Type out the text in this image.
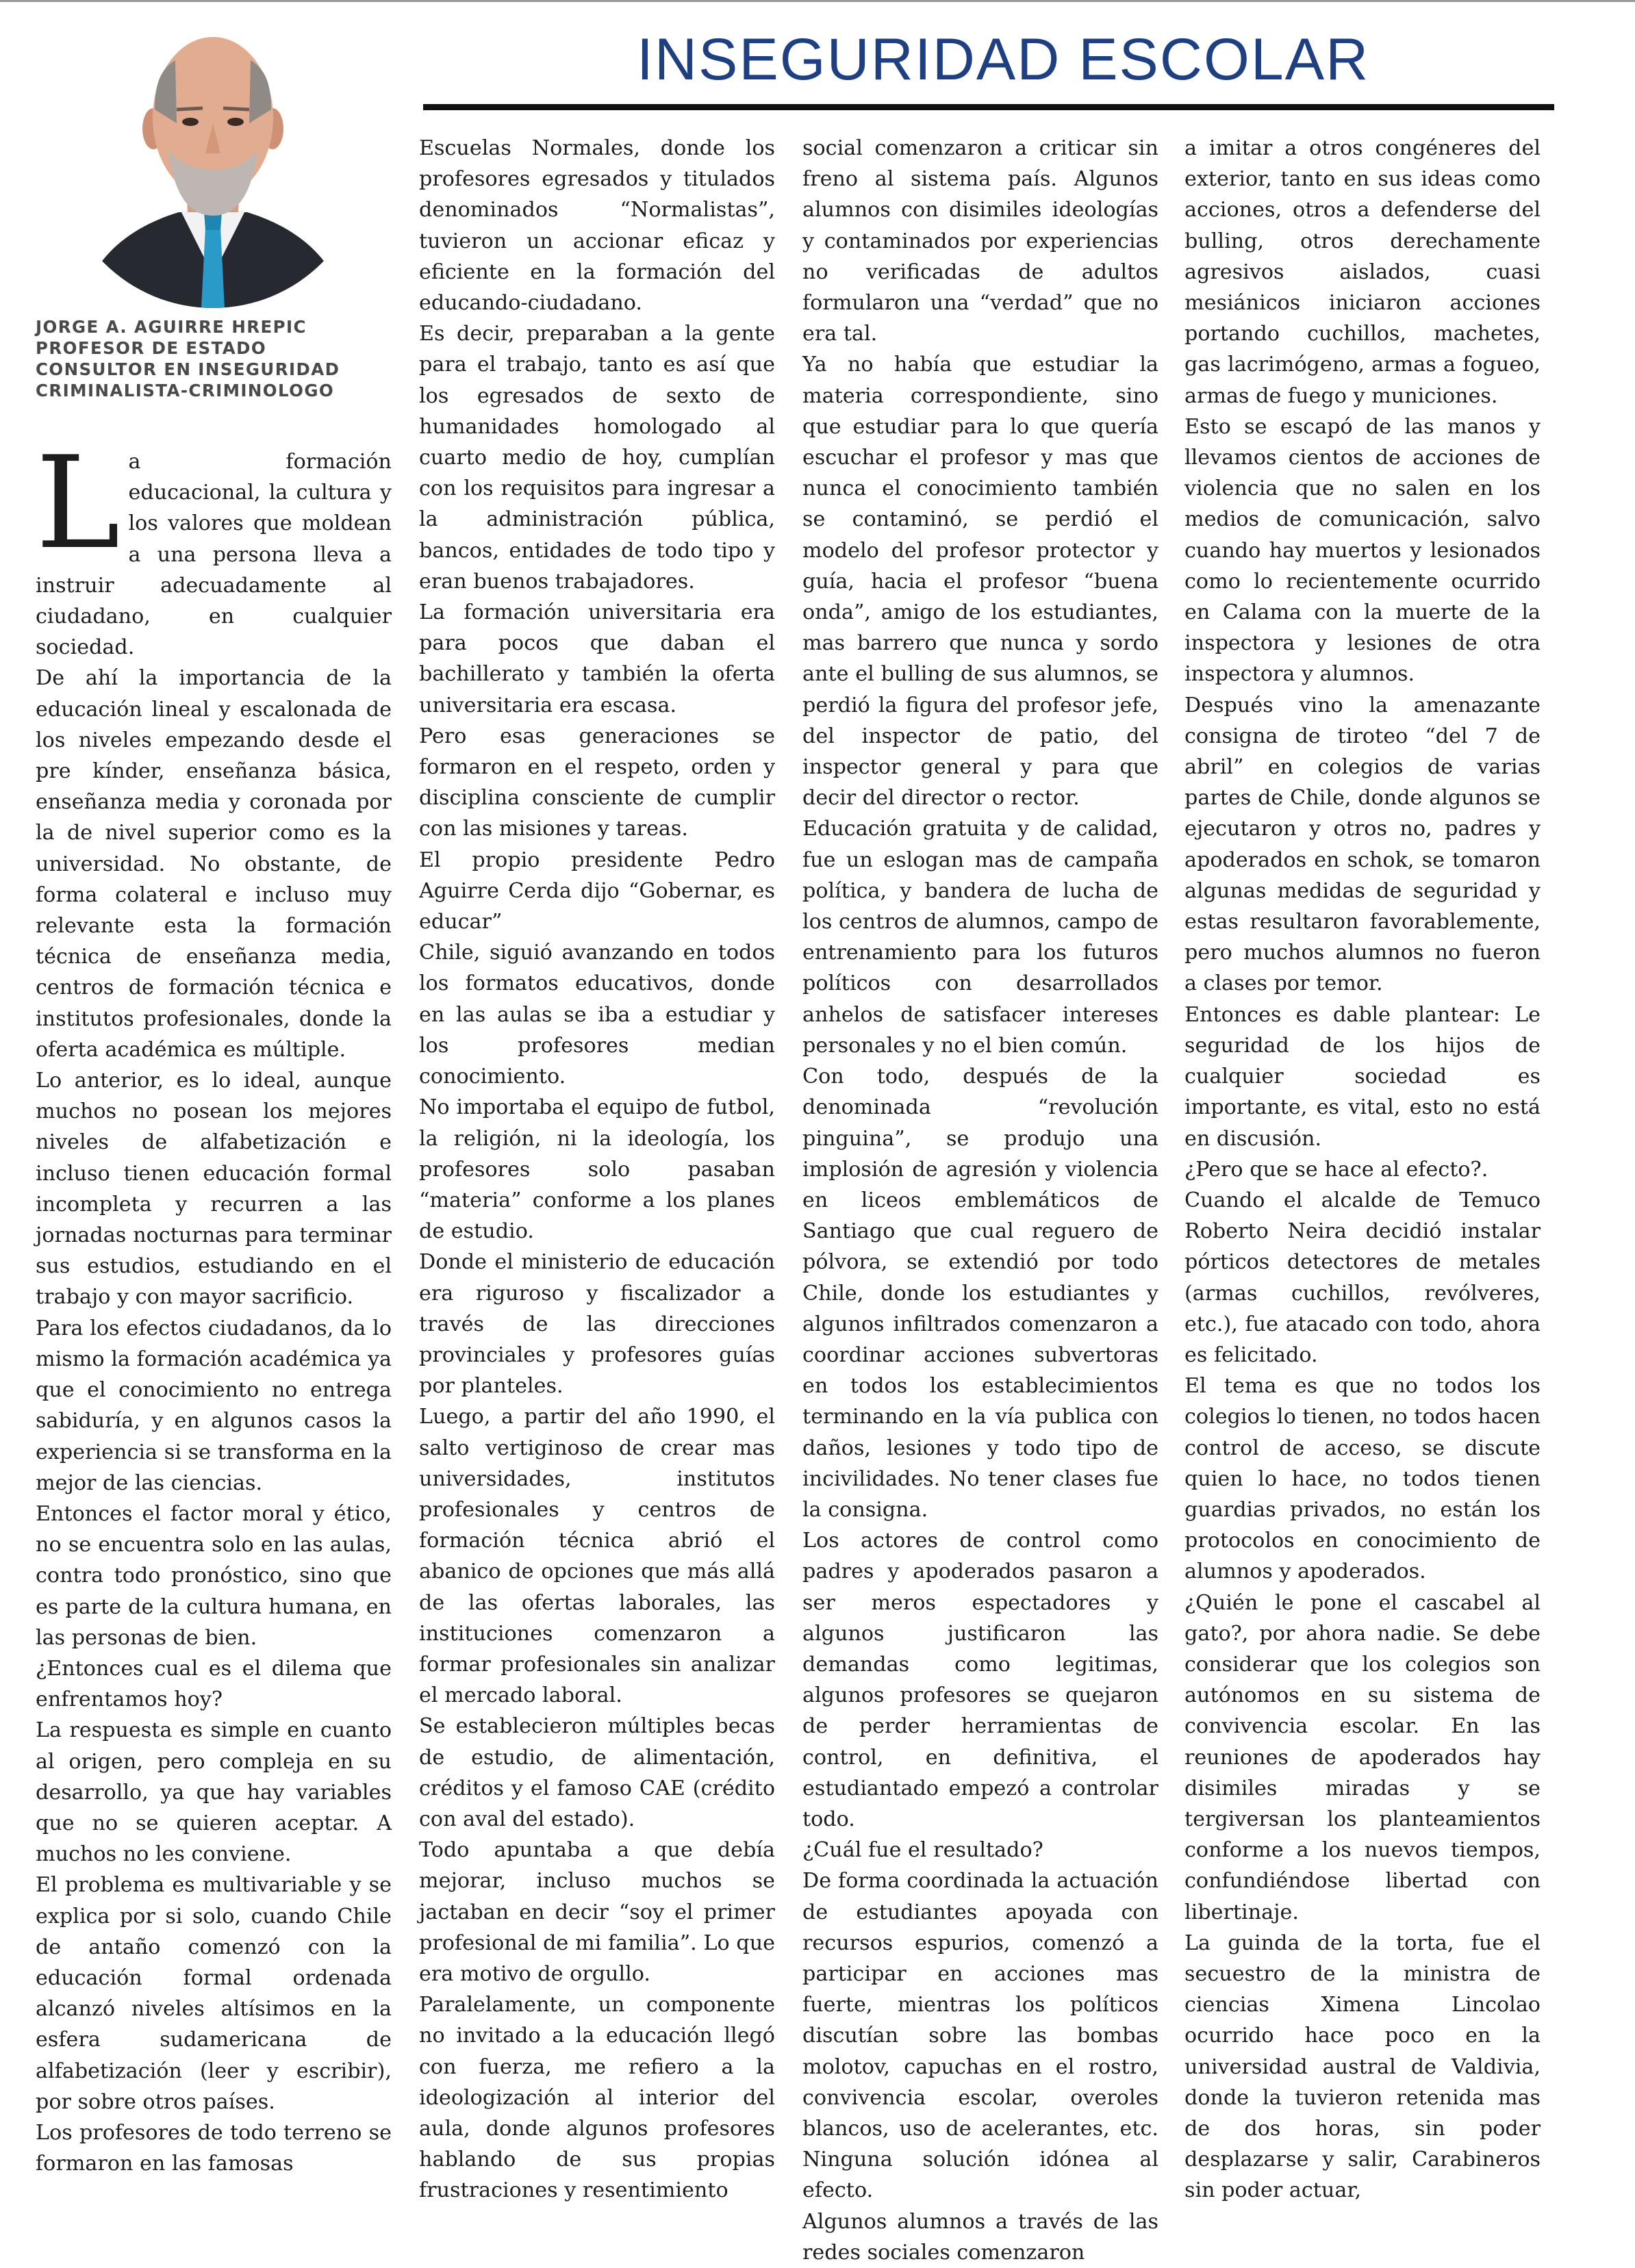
JORGE A. AGUIRRE HREPIC
PROFESOR DE ESTADO
CONSULTOR EN INSEGURIDAD
CRIMINALISTA-CRIMINOLOGO
INSEGURIDAD ESCOLAR

La formación educacional, la cultura y los valores que moldean a una persona lleva a instruir adecuadamente al ciudadano, en cualquier sociedad.

De ahí la importancia de la educación lineal y escalonada de los niveles empezando desde el pre kínder, enseñanza básica, enseñanza media y coronada por la de nivel superior como es la universidad. No obstante, de forma colateral e incluso muy relevante esta la formación técnica de enseñanza media, centros de formación técnica e institutos profesionales, donde la oferta académica es múltiple.

Lo anterior, es lo ideal, aunque muchos no posean los mejores niveles de alfabetización e incluso tienen educación formal incompleta y recurren a las jornadas nocturnas para terminar sus estudios, estudiando en el trabajo y con mayor sacrificio.

Para los efectos ciudadanos, da lo mismo la formación académica ya que el conocimiento no entrega sabiduría, y en algunos casos la experiencia si se transforma en la mejor de las ciencias.

Entonces el factor moral y ético, no se encuentra solo en las aulas, contra todo pronóstico, sino que es parte de la cultura humana, en las personas de bien.

¿Entonces cual es el dilema que enfrentamos hoy?

La respuesta es simple en cuanto al origen, pero compleja en su desarrollo, ya que hay variables que no se quieren aceptar. A muchos no les conviene.

El problema es multivariable y se explica por si solo, cuando Chile de antaño comenzó con la educación formal ordenada alcanzó niveles altísimos en la esfera sudamericana de alfabetización (leer y escribir), por sobre otros países.

Los profesores de todo terreno se formaron en las famosas

Escuelas Normales, donde los profesores egresados y titulados denominados “Normalistas”, tuvieron un accionar eficaz y eficiente en la formación del educando-ciudadano.

Es decir, preparaban a la gente para el trabajo, tanto es así que los egresados de sexto de humanidades homologado al cuarto medio de hoy, cumplían con los requisitos para ingresar a la administración pública, bancos, entidades de todo tipo y eran buenos trabajadores.

La formación universitaria era para pocos que daban el bachillerato y también la oferta universitaria era escasa.

Pero esas generaciones se formaron en el respeto, orden y disciplina consciente de cumplir con las misiones y tareas.

El propio presidente Pedro Aguirre Cerda dijo “Gobernar, es educar”

Chile, siguió avanzando en todos los formatos educativos, donde en las aulas se iba a estudiar y los profesores median conocimiento.

No importaba el equipo de futbol, la religión, ni la ideología, los profesores solo pasaban “materia” conforme a los planes de estudio.

Donde el ministerio de educación era riguroso y fiscalizador a través de las direcciones provinciales y profesores guías por planteles.

Luego, a partir del año 1990, el salto vertiginoso de crear mas universidades, institutos profesionales y centros de formación técnica abrió el abanico de opciones que más allá de las ofertas laborales, las instituciones comenzaron a formar profesionales sin analizar el mercado laboral.

Se establecieron múltiples becas de estudio, de alimentación, créditos y el famoso CAE (crédito con aval del estado).

Todo apuntaba a que debía mejorar, incluso muchos se jactaban en decir “soy el primer profesional de mi familia”. Lo que era motivo de orgullo.

Paralelamente, un componente no invitado a la educación llegó con fuerza, me refiero a la ideologización al interior del aula, donde algunos profesores hablando de sus propias frustraciones y resentimiento

social comenzaron a criticar sin freno al sistema país. Algunos alumnos con disimiles ideologías y contaminados por experiencias no verificadas de adultos formularon una “verdad” que no era tal.

Ya no había que estudiar la materia correspondiente, sino que estudiar para lo que quería escuchar el profesor y mas que nunca el conocimiento también se contaminó, se perdió el modelo del profesor protector y guía, hacia el profesor “buena onda”, amigo de los estudiantes, mas barrero que nunca y sordo ante el bulling de sus alumnos, se perdió la figura del profesor jefe, del inspector de patio, del inspector general y para que decir del director o rector.

Educación gratuita y de calidad, fue un eslogan mas de campaña política, y bandera de lucha de los centros de alumnos, campo de entrenamiento para los futuros políticos con desarrollados anhelos de satisfacer intereses personales y no el bien común.

Con todo, después de la denominada “revolución pinguina”, se produjo una implosión de agresión y violencia en liceos emblemáticos de Santiago que cual reguero de pólvora, se extendió por todo Chile, donde los estudiantes y algunos infiltrados comenzaron a coordinar acciones subvertoras en todos los establecimientos terminando en la vía publica con daños, lesiones y todo tipo de incivilidades. No tener clases fue la consigna.

Los actores de control como padres y apoderados pasaron a ser meros espectadores y algunos justificaron las demandas como legitimas, algunos profesores se quejaron de perder herramientas de control, en definitiva, el estudiantado empezó a controlar todo.

¿Cuál fue el resultado?

De forma coordinada la actuación de estudiantes apoyada con recursos espurios, comenzó a participar en acciones mas fuerte, mientras los políticos discutían sobre las bombas molotov, capuchas en el rostro, convivencia escolar, overoles blancos, uso de acelerantes, etc. Ninguna solución idónea al efecto.

Algunos alumnos a través de las redes sociales comenzaron

a imitar a otros congéneres del exterior, tanto en sus ideas como acciones, otros a defenderse del bulling, otros derechamente agresivos aislados, cuasi mesiánicos iniciaron acciones portando cuchillos, machetes, gas lacrimógeno, armas a fogueo, armas de fuego y municiones.

Esto se escapó de las manos y llevamos cientos de acciones de violencia que no salen en los medios de comunicación, salvo cuando hay muertos y lesionados como lo recientemente ocurrido en Calama con la muerte de la inspectora y lesiones de otra inspectora y alumnos.

Después vino la amenazante consigna de tiroteo “del 7 de abril” en colegios de varias partes de Chile, donde algunos se ejecutaron y otros no, padres y apoderados en schok, se tomaron algunas medidas de seguridad y estas resultaron favorablemente, pero muchos alumnos no fueron a clases por temor.

Entonces es dable plantear: Le seguridad de los hijos de cualquier sociedad es importante, es vital, esto no está en discusión.

¿Pero que se hace al efecto?.

Cuando el alcalde de Temuco Roberto Neira decidió instalar pórticos detectores de metales (armas cuchillos, revólveres, etc.), fue atacado con todo, ahora es felicitado.

El tema es que no todos los colegios lo tienen, no todos hacen control de acceso, se discute quien lo hace, no todos tienen guardias privados, no están los protocolos en conocimiento de alumnos y apoderados.

¿Quién le pone el cascabel al gato?, por ahora nadie. Se debe considerar que los colegios son autónomos en su sistema de convivencia escolar. En las reuniones de apoderados hay disimiles miradas y se tergiversan los planteamientos conforme a los nuevos tiempos, confundiéndose libertad con libertinaje.

La guinda de la torta, fue el secuestro de la ministra de ciencias Ximena Lincolao ocurrido hace poco en la universidad austral de Valdivia, donde la tuvieron retenida mas de dos horas, sin poder desplazarse y salir, Carabineros sin poder actuar,
